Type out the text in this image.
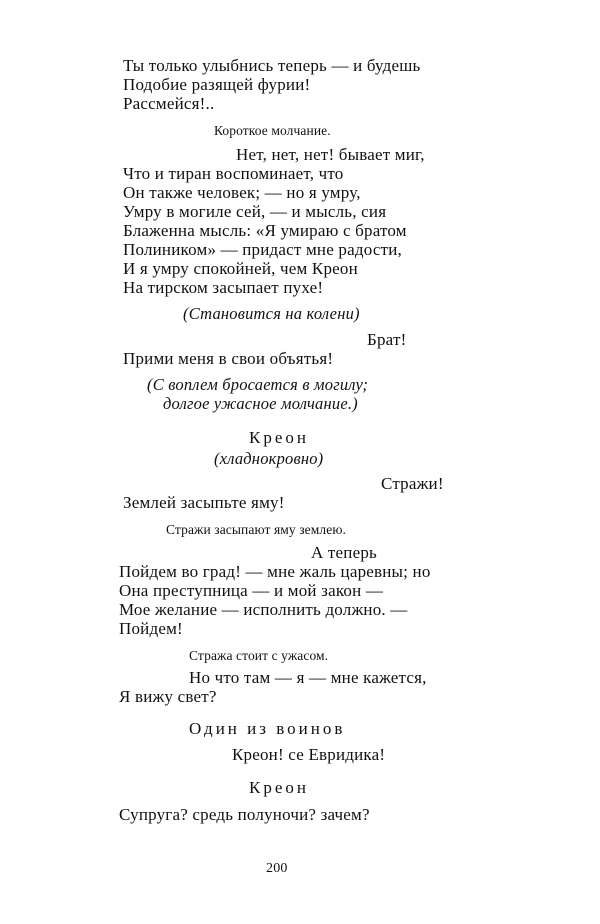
Ты только улыбнись теперь — и будешь
Подобие разящей фурии!
Рассмейся!..
Короткое молчание.
Нет, нет, нет! бывает миг,
Что и тиран воспоминает, что
Он также человек; — но я умру,
Умру в могиле сей, — и мысль, сия
Блаженна мысль: «Я умираю с братом
Полиником» — придаст мне радости,
И я умру спокойней, чем Креон
На тирском засыпает пухе!
(Становится на колени)
Брат!
Прими меня в свои объятья!
(С воплем бросается в могилу;
долгое ужасное молчание.)
Креон
(хладнокровно)
Стражи!
Землей засыпьте яму!
Стражи засыпают яму землею.
А теперь
Пойдем во град! — мне жаль царевны; но
Она преступница — и мой закон —
Мое желание — исполнить должно. —
Пойдем!
Стража стоит с ужасом.
Но что там — я — мне кажется,
Я вижу свет?
Один из воинов
Креон! се Евридика!
Креон
Супруга? средь полуночи? зачем?
200
